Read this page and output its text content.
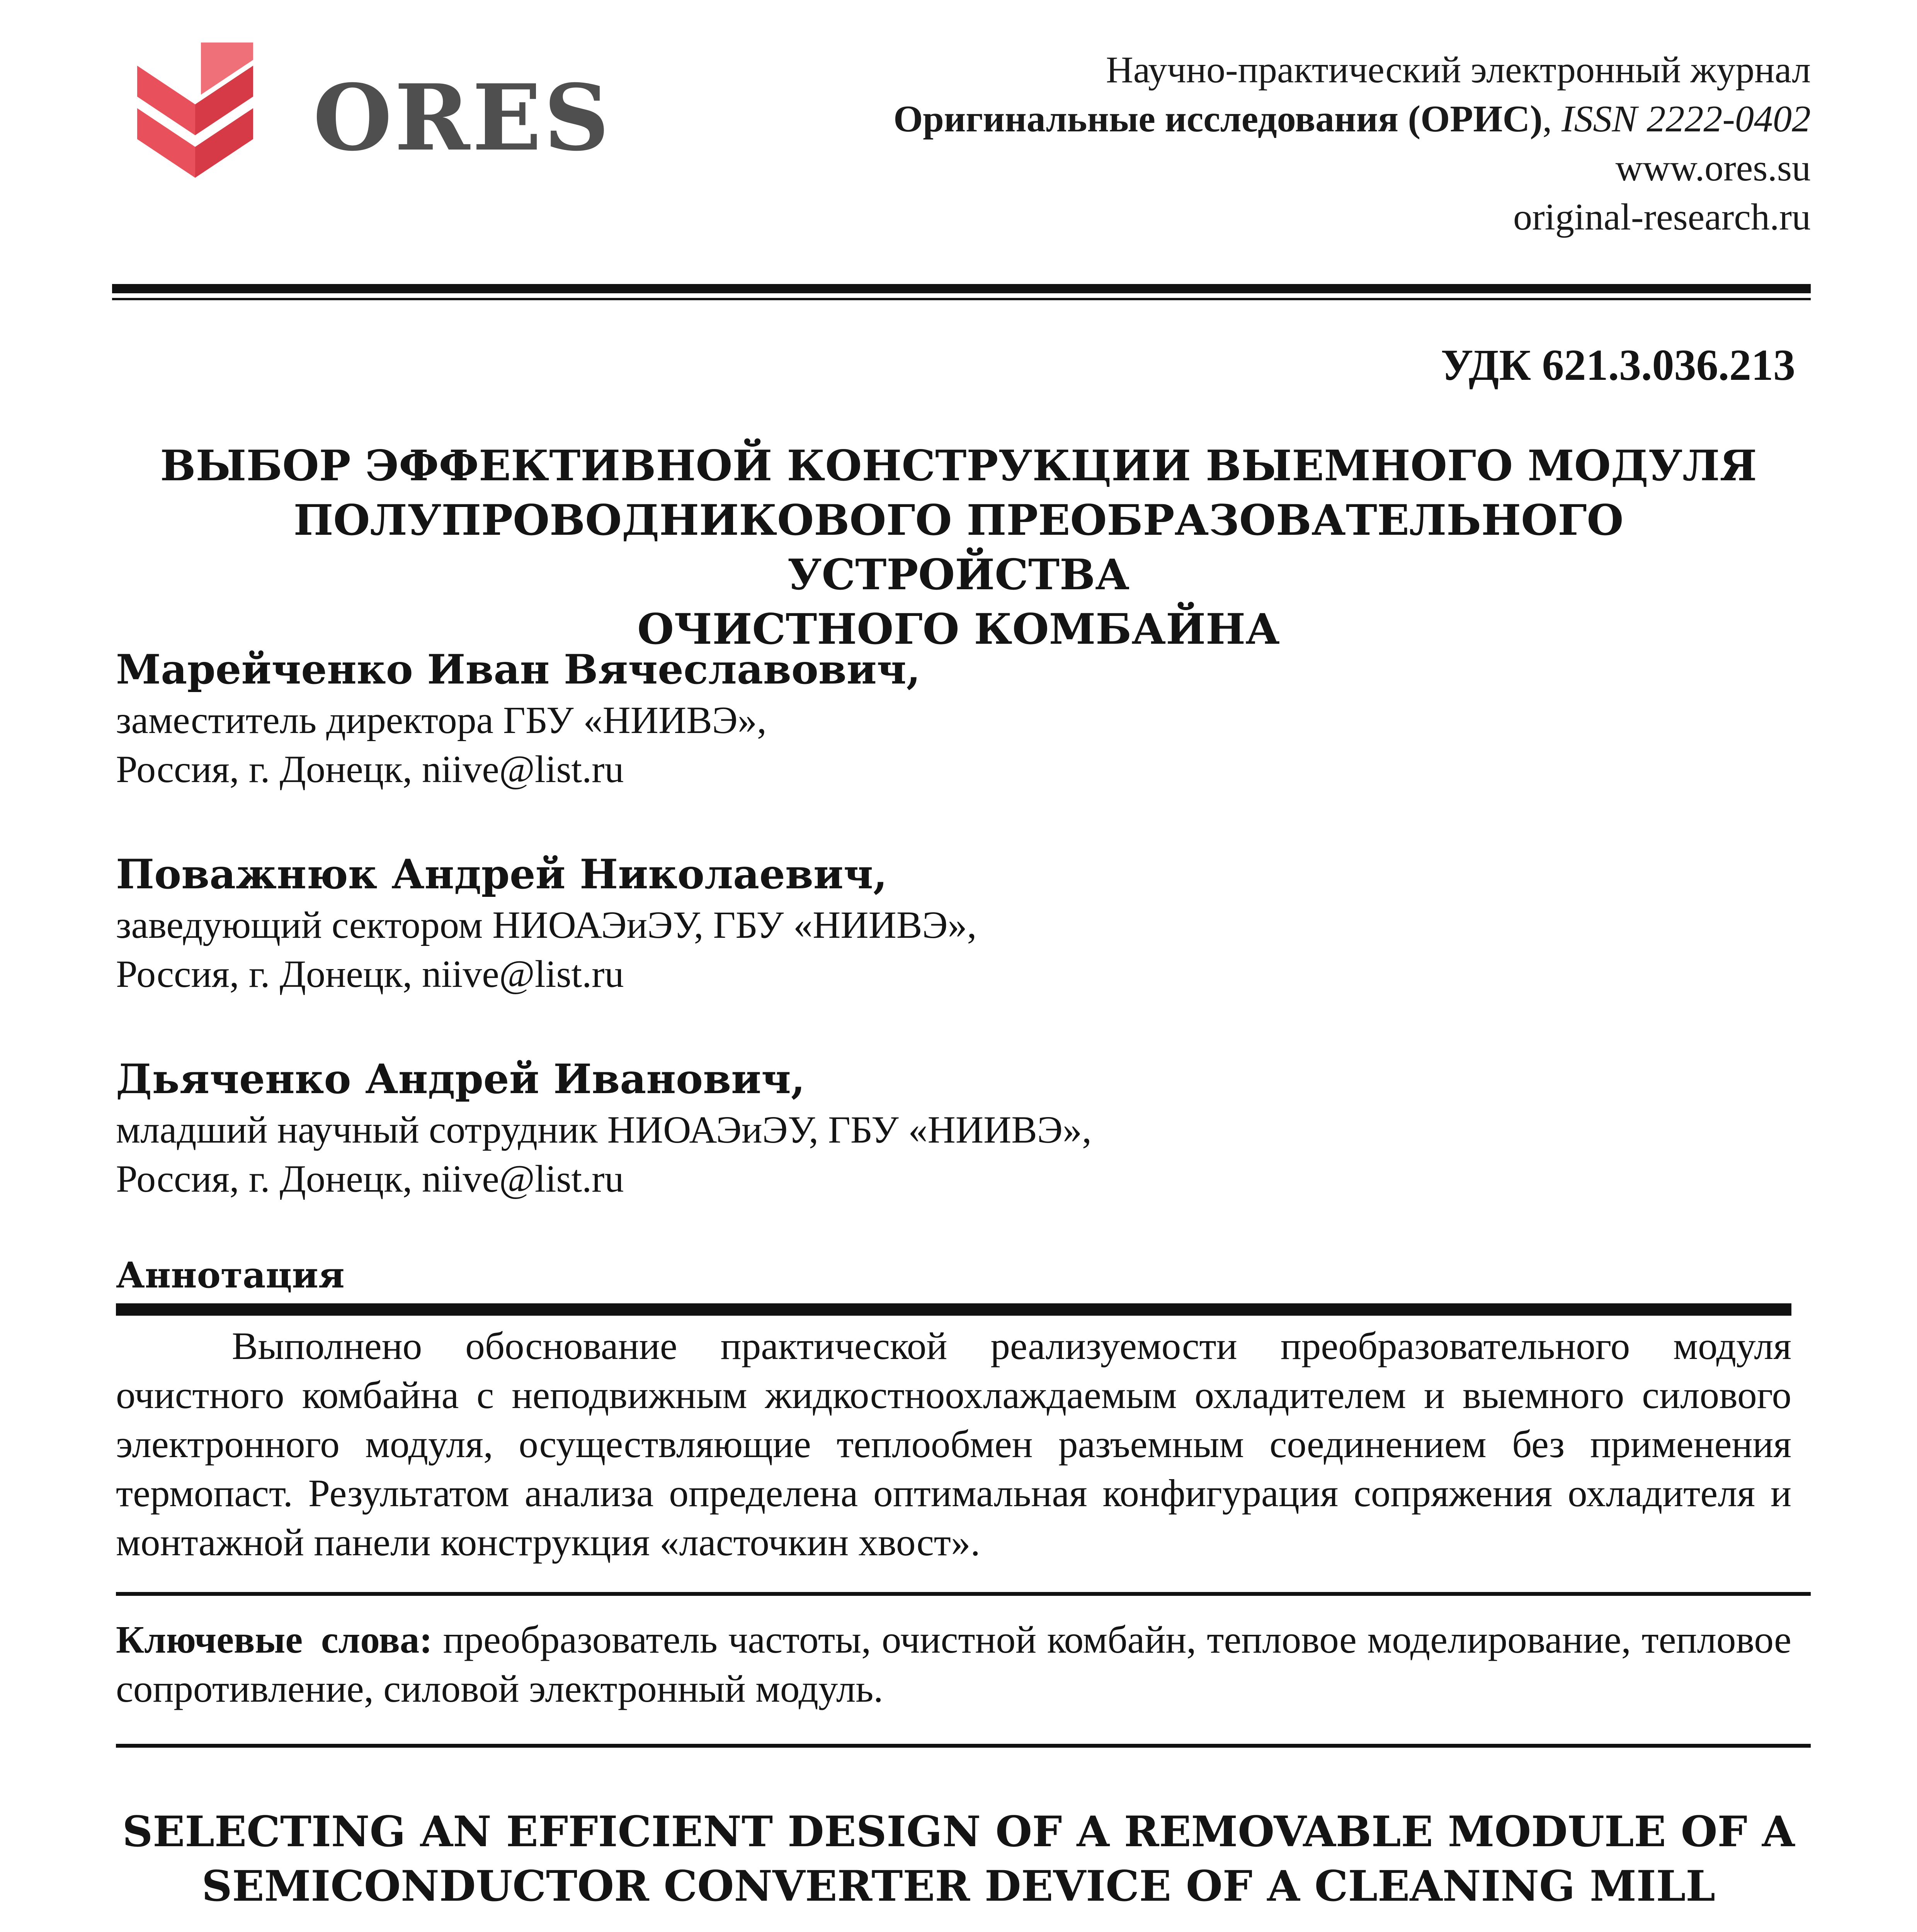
ORES	Научно-практический электронный журнал
Оригинальные исследования (ОРИС), ISSN 2222-0402
www.ores.su
original-research.ru
УДК 621.3.036.213
ВЫБОР ЭФФЕКТИВНОЙ КОНСТРУКЦИИ ВЫЕМНОГО МОДУЛЯ
ПОЛУПРОВОДНИКОВОГО ПРЕОБРАЗОВАТЕЛЬНОГО УСТРОЙСТВА
ОЧИСТНОГО КОМБАЙНА
Марейченко Иван Вячеславович,
заместитель директора ГБУ «НИИВЭ»,
Россия, г. Донецк, niive@list.ru
Поважнюк Андрей Николаевич,
заведующий сектором НИОАЭиЭУ, ГБУ «НИИВЭ»,
Россия, г. Донецк, niive@list.ru
Дьяченко Андрей Иванович,
младший научный сотрудник НИОАЭиЭУ, ГБУ «НИИВЭ»,
Россия, г. Донецк, niive@list.ru
Аннотация
Выполнено обоснование практической реализуемости преобразовательного модуля очистного комбайна с неподвижным жидкостноохлаждаемым охладителем и выемного силового электронного модуля, осуществляющие теплообмен разъемным соединением без применения термопаст. Результатом анализа определена оптимальная конфигурация сопряжения охладителя и монтажной панели конструкция «ласточкин хвост».
Ключевые слова: преобразователь частоты, очистной комбайн, тепловое моделирование, тепловое сопротивление, силовой электронный модуль.
SELECTING AN EFFICIENT DESIGN OF A REMOVABLE MODULE OF A
SEMICONDUCTOR CONVERTER DEVICE OF A CLEANING MILL
